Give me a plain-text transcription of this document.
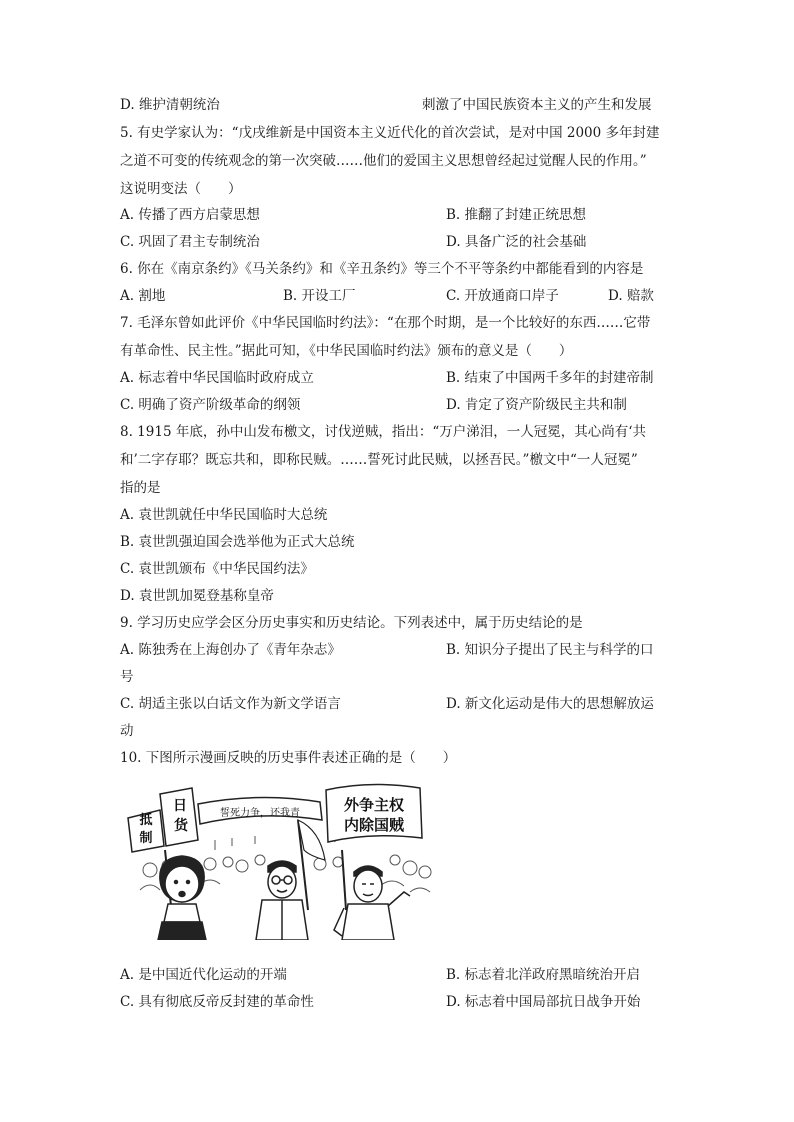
D. 维护清朝统治	刺激了中国民族资本主义的产生和发展
5. 有史学家认为：“戊戌维新是中国资本主义近代化的首次尝试，是对中国 2000 多年封建
之道不可变的传统观念的第一次突破……他们的爱国主义思想曾经起过觉醒人民的作用。”
这说明变法（　　）
A. 传播了西方启蒙思想	B. 推翻了封建正统思想
C. 巩固了君主专制统治	D. 具备广泛的社会基础
6. 你在《南京条约》《马关条约》和《辛丑条约》等三个不平等条约中都能看到的内容是
A. 割地	B. 开设工厂	C. 开放通商口岸子	D. 赔款
7. 毛泽东曾如此评价《中华民国临时约法》：“在那个时期，是一个比较好的东西……它带
有革命性、民主性。”据此可知，《中华民国临时约法》颁布的意义是（　　）
A. 标志着中华民国临时政府成立	B. 结束了中国两千多年的封建帝制
C. 明确了资产阶级革命的纲领	D. 肯定了资产阶级民主共和制
8. 1915 年底，孙中山发布檄文，讨伐逆贼，指出：“万户涕泪，一人冠冕，其心尚有‘共
和’二字存耶？既忘共和，即称民贼。……誓死讨此民贼，以拯吾民。”檄文中“一人冠冕”
指的是
A. 袁世凯就任中华民国临时大总统
B. 袁世凯强迫国会选举他为正式大总统
C. 袁世凯颁布《中华民国约法》
D. 袁世凯加冕登基称皇帝
9. 学习历史应学会区分历史事实和历史结论。下列表述中，属于历史结论的是
A. 陈独秀在上海创办了《青年杂志》	B. 知识分子提出了民主与科学的口
号
C. 胡适主张以白话文作为新文学语言	D. 新文化运动是伟大的思想解放运
动
10. 下图所示漫画反映的历史事件表述正确的是（　　）
抵
制
日
货
誓死力争，还我青	外争主权
内除国贼
A. 是中国近代化运动的开端	B. 标志着北洋政府黑暗统治开启
C. 具有彻底反帝反封建的革命性	D. 标志着中国局部抗日战争开始
